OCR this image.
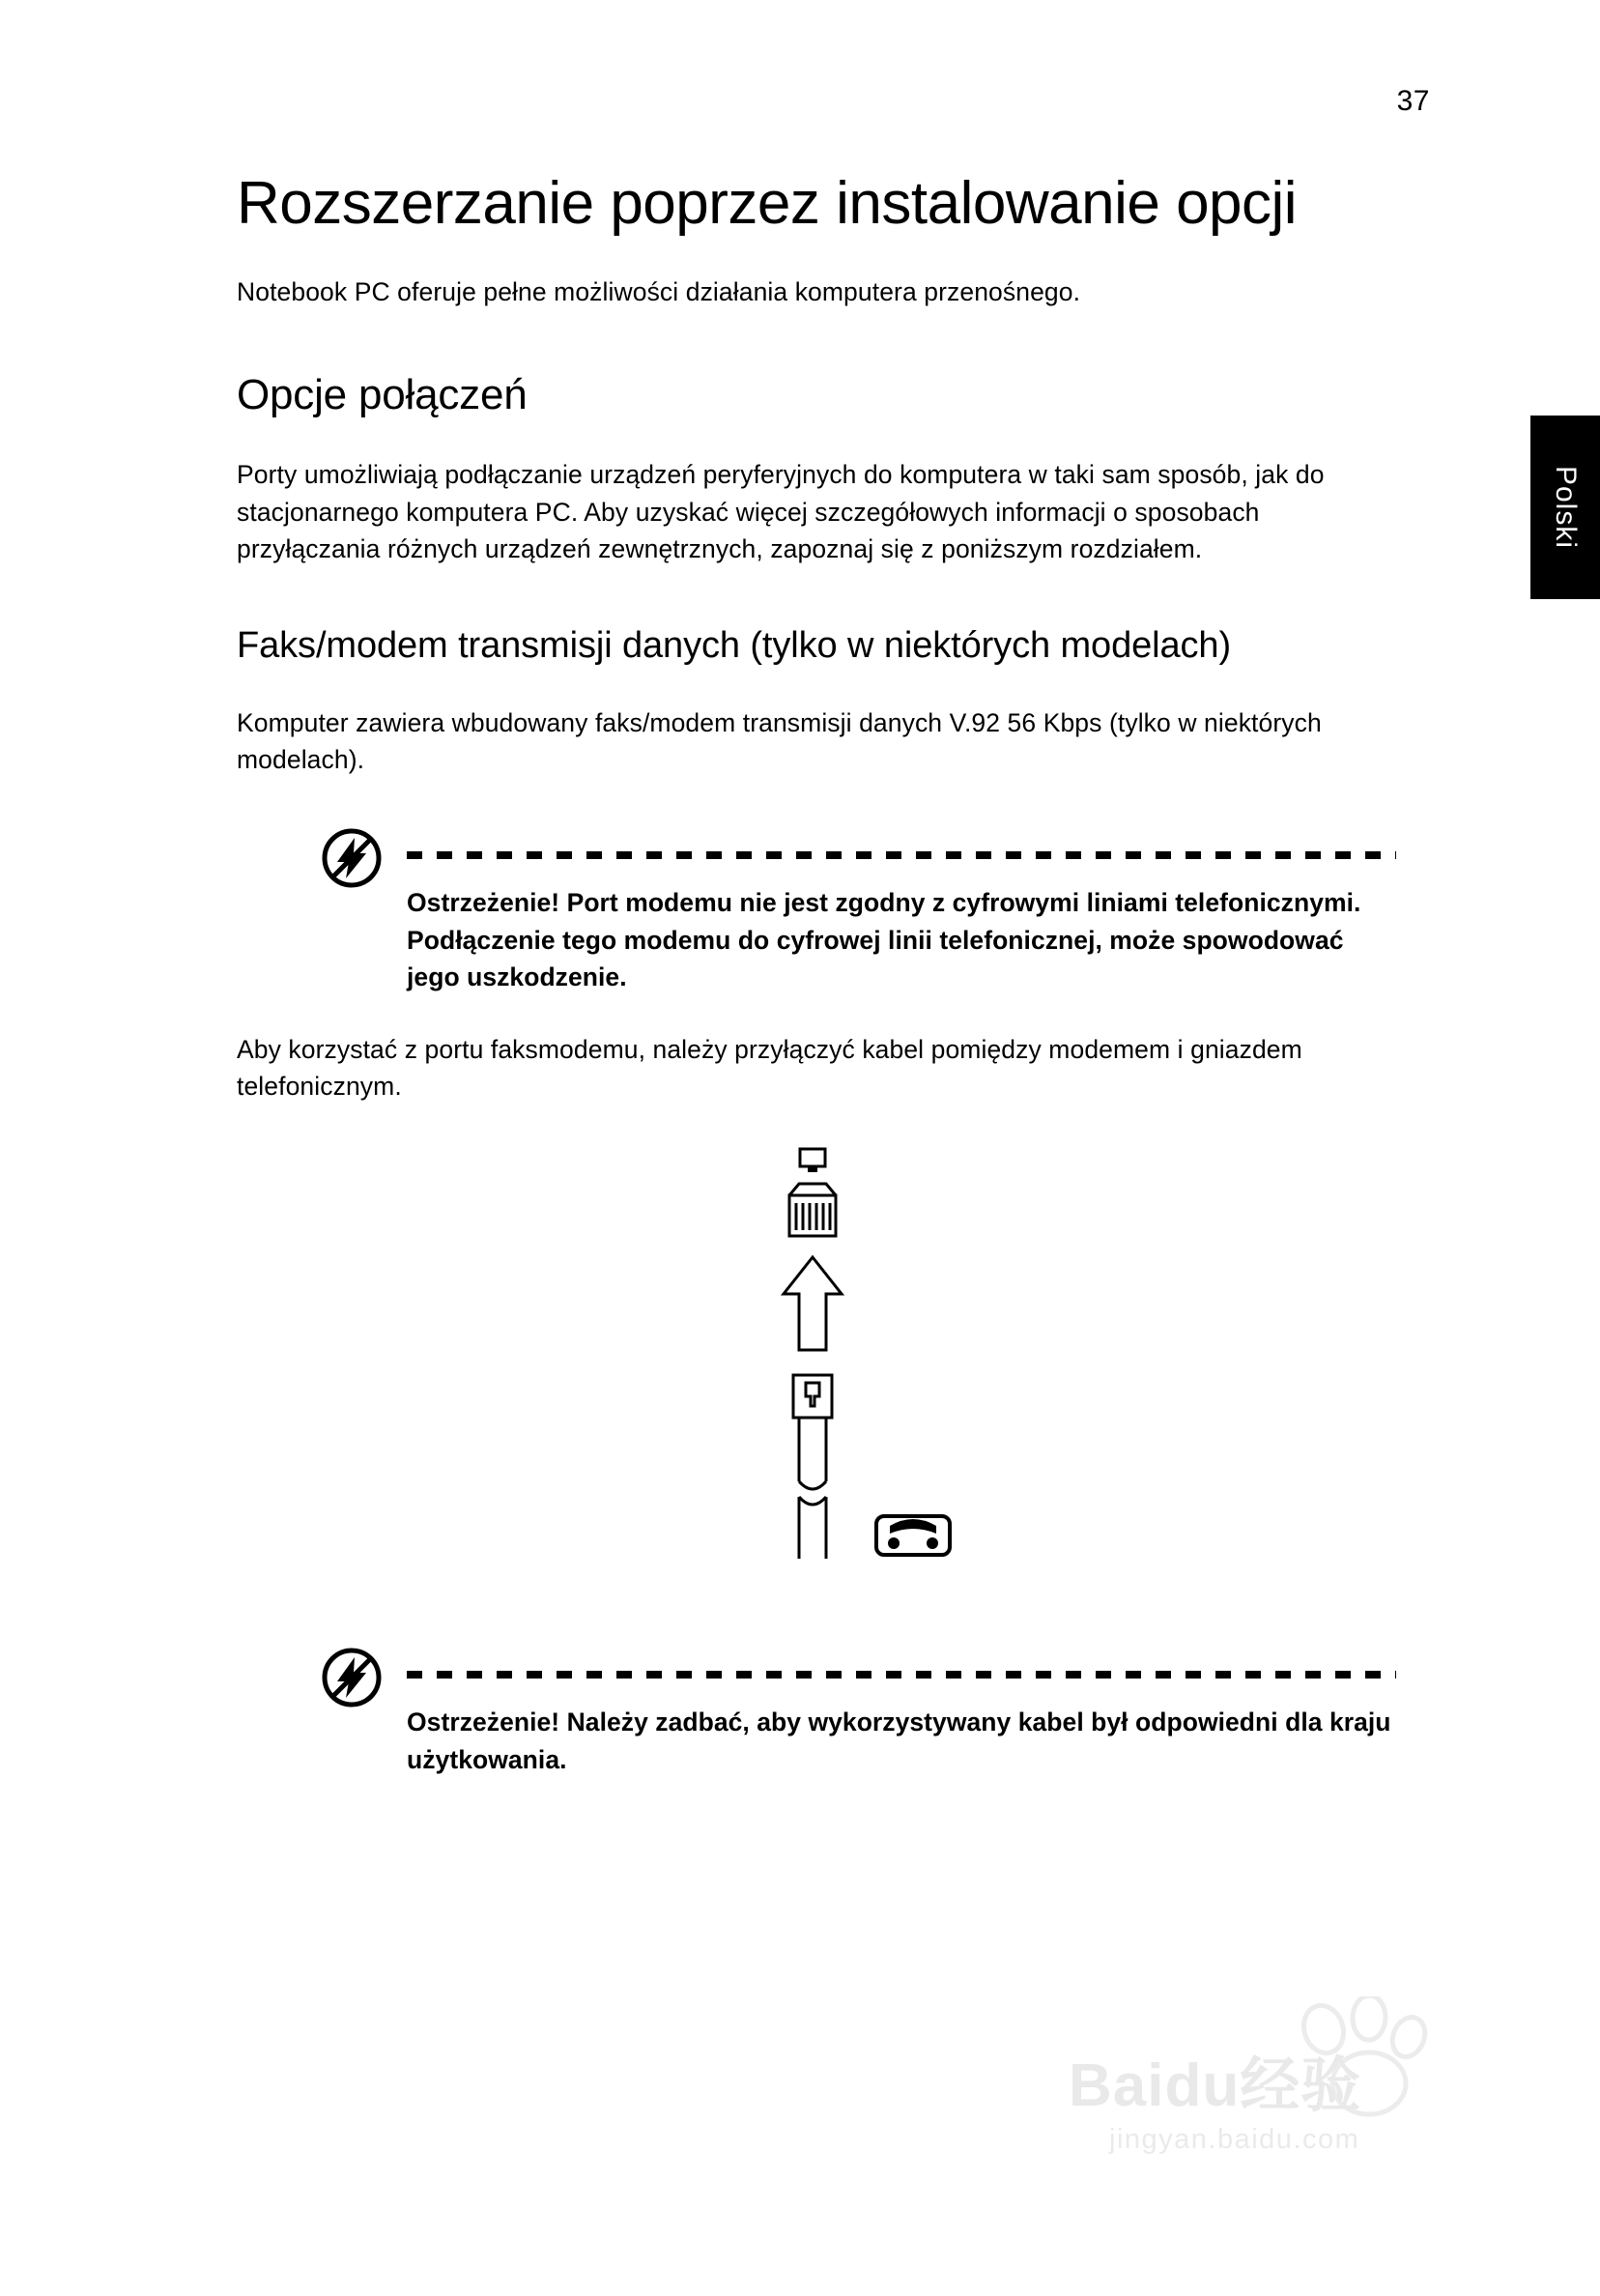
37
Polski
Rozszerzanie poprzez instalowanie opcji

Notebook PC oferuje pełne możliwości działania komputera przenośnego.

Opcje połączeń

Porty umożliwiają podłączanie urządzeń peryferyjnych do komputera w taki sam sposób, jak do stacjonarnego komputera PC. Aby uzyskać więcej szczegółowych informacji o sposobach przyłączania różnych urządzeń zewnętrznych, zapoznaj się z poniższym rozdziałem.

Faks/modem transmisji danych (tylko w niektórych modelach)

Komputer zawiera wbudowany faks/modem transmisji danych V.92 56 Kbps (tylko w niektórych modelach).

Ostrzeżenie! Port modemu nie jest zgodny z cyfrowymi liniami telefonicznymi. Podłączenie tego modemu do cyfrowej linii telefonicznej, może spowodować jego uszkodzenie.

Aby korzystać z portu faksmodemu, należy przyłączyć kabel pomiędzy modemem i gniazdem telefonicznym.

Ostrzeżenie! Należy zadbać, aby wykorzystywany kabel był odpowiedni dla kraju użytkowania.

Baidu经验
jingyan.baidu.com
